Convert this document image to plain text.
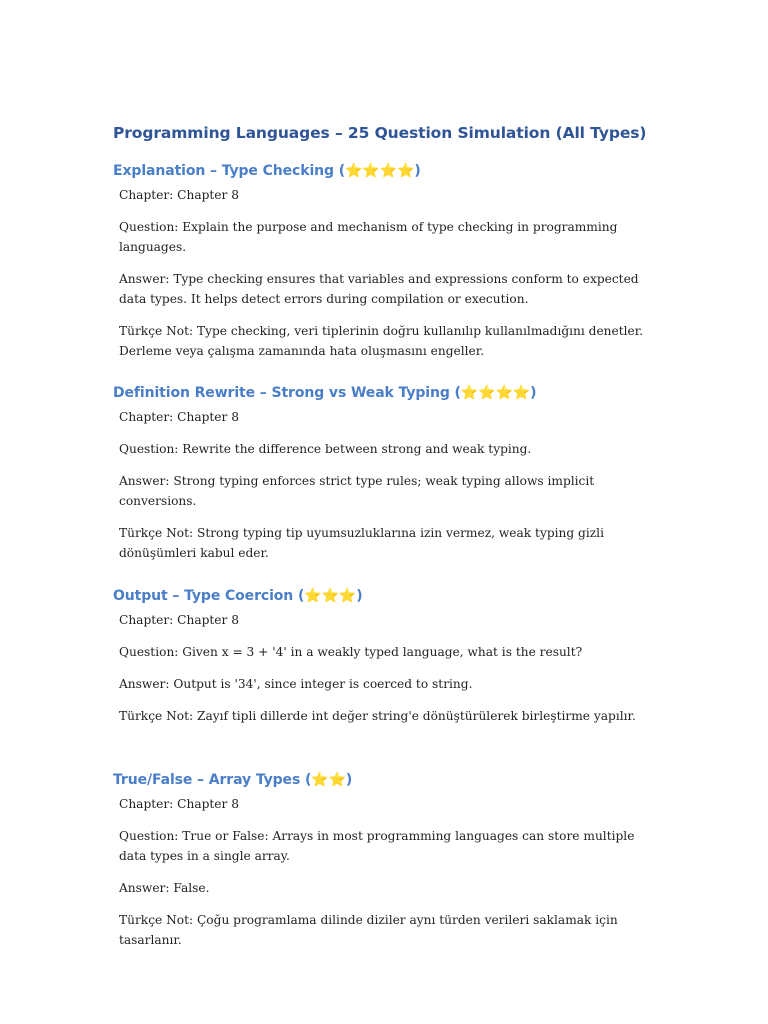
Programming Languages – 25 Question Simulation (All Types)
Explanation – Type Checking (⭐⭐⭐⭐)

Chapter: Chapter 8

Question: Explain the purpose and mechanism of type checking in programming languages.

Answer: Type checking ensures that variables and expressions conform to expected data types. It helps detect errors during compilation or execution.

Türkçe Not: Type checking, veri tiplerinin doğru kullanılıp kullanılmadığını denetler. Derleme veya çalışma zamanında hata oluşmasını engeller.

Definition Rewrite – Strong vs Weak Typing (⭐⭐⭐⭐)

Chapter: Chapter 8

Question: Rewrite the difference between strong and weak typing.

Answer: Strong typing enforces strict type rules; weak typing allows implicit conversions.

Türkçe Not: Strong typing tip uyumsuzluklarına izin vermez, weak typing gizli dönüşümleri kabul eder.

Output – Type Coercion (⭐⭐⭐)

Chapter: Chapter 8

Question: Given x = 3 + '4' in a weakly typed language, what is the result?

Answer: Output is '34', since integer is coerced to string.

Türkçe Not: Zayıf tipli dillerde int değer string'e dönüştürülerek birleştirme yapılır.

True/False – Array Types (⭐⭐)

Chapter: Chapter 8

Question: True or False: Arrays in most programming languages can store multiple data types in a single array.

Answer: False.

Türkçe Not: Çoğu programlama dilinde diziler aynı türden verileri saklamak için tasarlanır.
